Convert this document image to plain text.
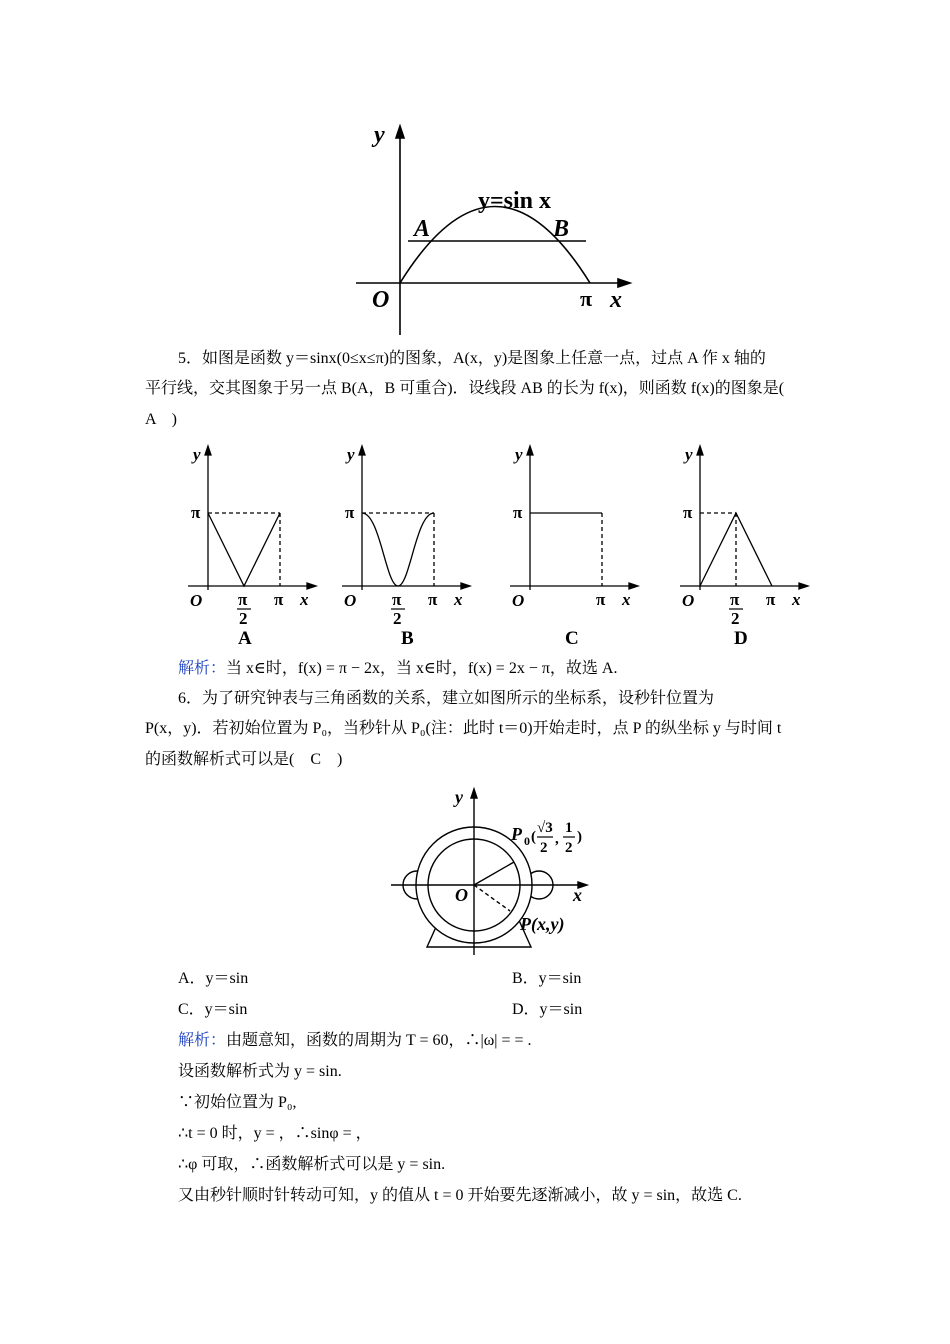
y
y=sin x
A	B
O	π x
5．如图是函数 y＝sinx(0≤x≤π)的图象，A(x，y)是图象上任意一点，过点 A 作 x 轴的
平行线，交其图象于另一点 B(A，B 可重合)．设线段 AB 的长为 f(x)，则函数 f(x)的图象是(
A　)
y
π
O π
2
π x
y
π
O π
2
π x
y
π
O	π x
y
π
O π
2
π x
A	B	C	D
解析：当 x∈时，f(x) = π − 2x，当 x∈时，f(x) = 2x − π，故选 A.
6．为了研究钟表与三角函数的关系，建立如图所示的坐标系，设秒针位置为
P(x，y)．若初始位置为 P₀，当秒针从 P₀(注：此时 t＝0)开始走时，点 P 的纵坐标 y 与时间 t
的函数解析式可以是(　C　)
y
x
O
P(x,y)
P 0 (
√3
2
,
1
2
)
A．y＝sin	B．y＝sin
C．y＝sin	D．y＝sin
解析：由题意知，函数的周期为 T = 60，∴|ω| = = .
设函数解析式为 y = sin.
∵初始位置为 P₀,
∴t = 0 时，y = ，∴sinφ = ，
∴φ 可取，∴函数解析式可以是 y = sin.
又由秒针顺时针转动可知，y 的值从 t = 0 开始要先逐渐减小，故 y = sin，故选 C.
